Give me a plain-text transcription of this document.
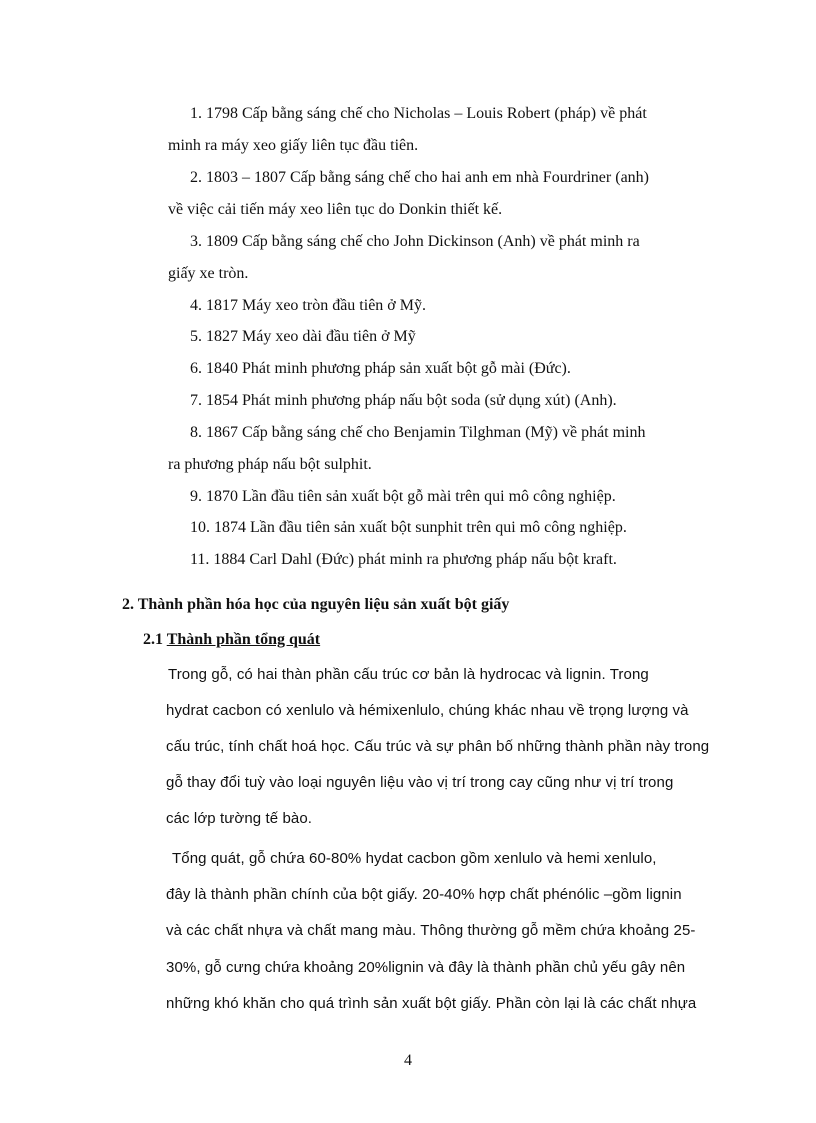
1. 1798 Cấp bằng sáng chế cho Nicholas – Louis Robert (pháp) về phát
minh ra máy xeo giấy liên tục đầu tiên.
2. 1803 – 1807 Cấp bằng sáng chế cho hai anh em nhà Fourdriner (anh)
về việc cải tiến máy xeo liên tục do Donkin thiết kế.
3. 1809 Cấp bằng sáng chế cho John Dickinson (Anh) về phát minh ra
giấy xe tròn.
4. 1817 Máy xeo tròn đầu tiên ở Mỹ.
5. 1827 Máy xeo dài đầu tiên ở Mỹ
6. 1840 Phát minh phương pháp sản xuất bột gỗ mài (Đức).
7. 1854 Phát minh phương pháp nấu bột soda (sử dụng xút) (Anh).
8. 1867 Cấp bằng sáng chế cho Benjamin Tilghman (Mỹ) về phát minh
ra phương pháp nấu bột sulphit.
9. 1870 Lần đầu tiên sản xuất bột gỗ mài trên qui mô công nghiệp.
10. 1874 Lần đầu tiên sản xuất bột sunphit trên qui mô công nghiệp.
11. 1884 Carl Dahl (Đức) phát minh ra phương pháp nấu bột kraft.
2. Thành phần hóa học của nguyên liệu sản xuất bột giấy
2.1 Thành phần tổng quát
Trong gỗ, có hai thàn phần cấu trúc cơ bản là hydrocac và lignin. Trong
hydrat cacbon có xenlulo và hémixenlulo, chúng khác nhau về trọng lượng và
cấu trúc, tính chất hoá học. Cấu trúc và sự phân bố những thành phần này trong
gỗ thay đổi tuỳ vào loại nguyên liệu vào vị trí trong cay cũng như vị trí trong
các lớp tường tế bào.
Tổng quát, gỗ chứa 60-80% hydat cacbon gồm xenlulo và hemi xenlulo,
đây là thành phần chính của bột giấy. 20-40% hợp chất phénólic –gồm lignin
và các chất nhựa và chất mang màu. Thông thường gỗ mềm chứa khoảng 25-
30%, gỗ cưng chứa khoảng 20%lignin và đây là thành phần chủ yếu gây nên
những khó khăn cho quá trình sản xuất bột giấy. Phần còn lại là các chất nhựa
4
